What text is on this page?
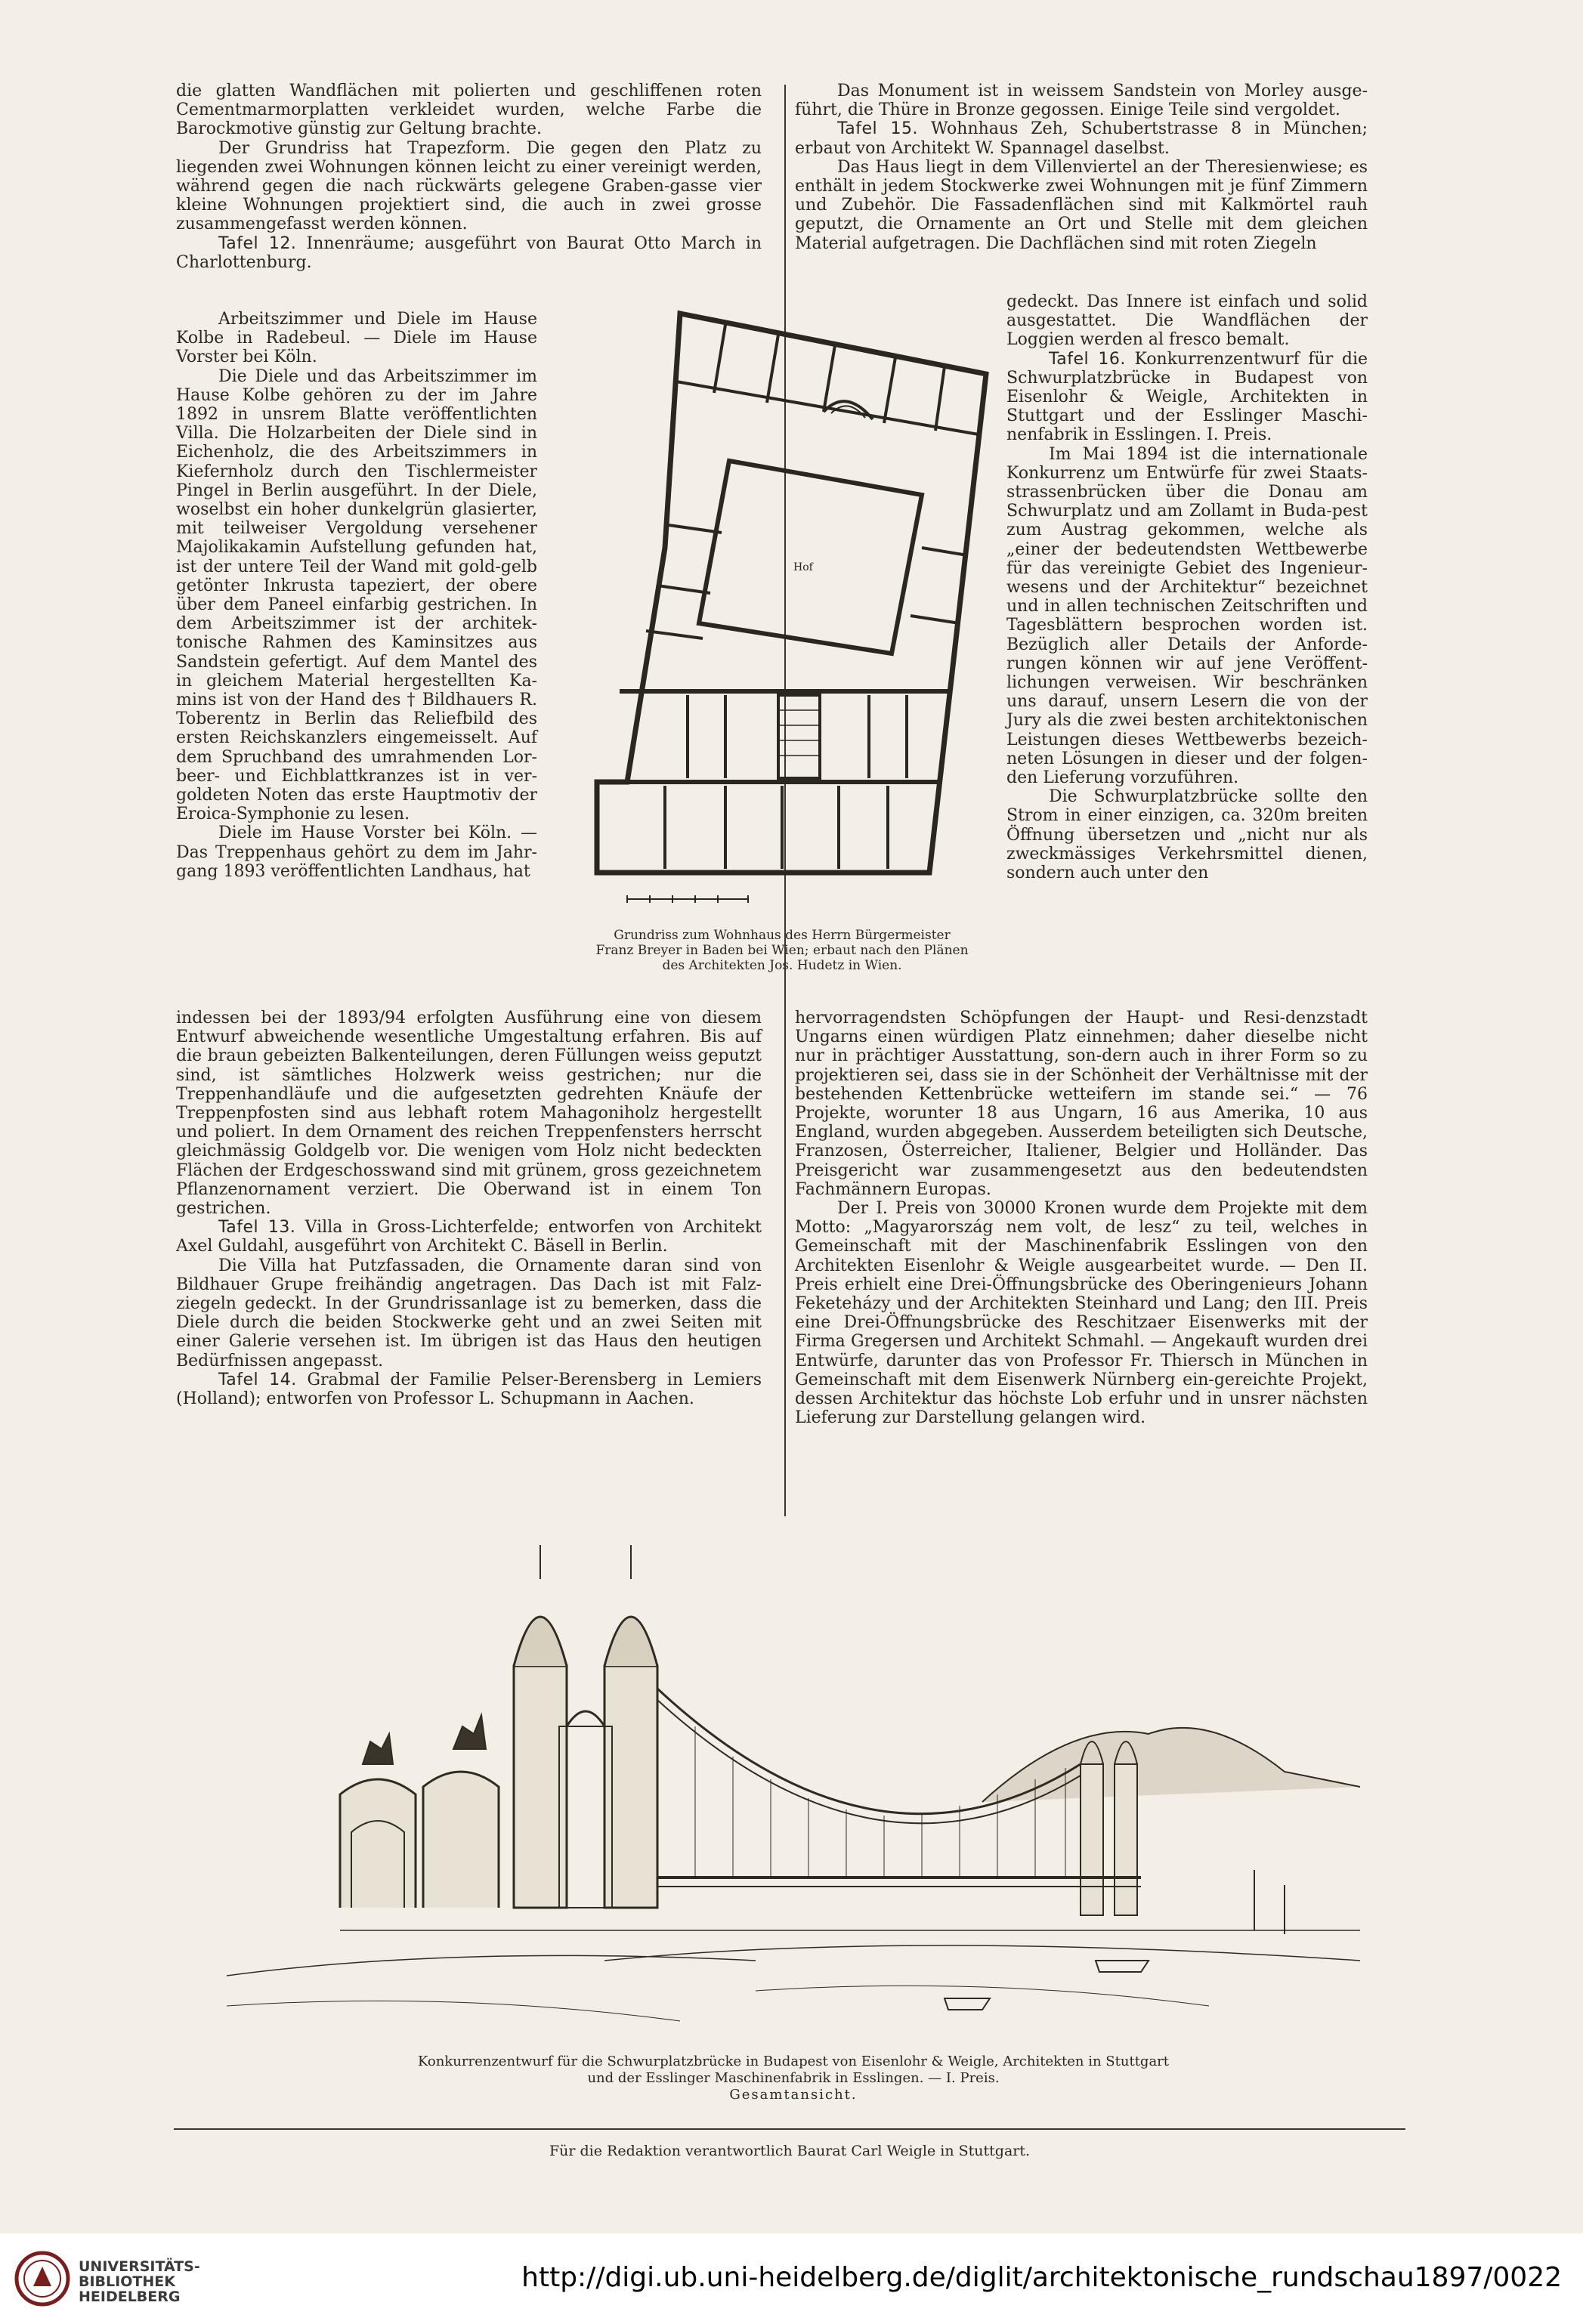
die glatten Wandflächen mit polierten und geschliffenen roten Cementmarmorplatten verkleidet wurden, welche Farbe die Barockmotive günstig zur Geltung brachte.

Der Grundriss hat Trapezform. Die gegen den Platz zu liegenden zwei Wohnungen können leicht zu einer vereinigt werden, während gegen die nach rückwärts gelegene Graben-gasse vier kleine Wohnungen projektiert sind, die auch in zwei grosse zusammengefasst werden können.

Tafel 12. Innenräume; ausgeführt von Baurat Otto March in Charlottenburg.

Arbeitszimmer und Diele im Hause Kolbe in Radebeul. — Diele im Hause Vorster bei Köln.

Die Diele und das Arbeitszimmer im Hause Kolbe gehören zu der im Jahre 1892 in unsrem Blatte veröffentlichten Villa. Die Holzarbeiten der Diele sind in Eichenholz, die des Arbeitszimmers in Kiefernholz durch den Tischlermeister Pingel in Berlin ausgeführt. In der Diele, woselbst ein hoher dunkelgrün glasierter, mit teilweiser Vergoldung versehener Majolikakamin Aufstellung gefunden hat, ist der untere Teil der Wand mit gold-gelb getönter Inkrusta tapeziert, der obere über dem Paneel einfarbig gestrichen. In dem Arbeitszimmer ist der architek-tonische Rahmen des Kaminsitzes aus Sandstein gefertigt. Auf dem Mantel des in gleichem Material hergestellten Ka-mins ist von der Hand des † Bildhauers R. Toberentz in Berlin das Reliefbild des ersten Reichskanzlers eingemeisselt. Auf dem Spruchband des umrahmenden Lor-beer- und Eichblattkranzes ist in ver-goldeten Noten das erste Hauptmotiv der Eroica-Symphonie zu lesen.

Diele im Hause Vorster bei Köln. — Das Treppenhaus gehört zu dem im Jahr-gang 1893 veröffentlichten Landhaus, hat

indessen bei der 1893/94 erfolgten Ausführung eine von diesem Entwurf abweichende wesentliche Umgestaltung erfahren. Bis auf die braun gebeizten Balkenteilungen, deren Füllungen weiss geputzt sind, ist sämtliches Holzwerk weiss gestrichen; nur die Treppenhandläufe und die aufgesetzten gedrehten Knäufe der Treppenpfosten sind aus lebhaft rotem Mahagoniholz hergestellt und poliert. In dem Ornament des reichen Treppenfensters herrscht gleichmässig Goldgelb vor. Die wenigen vom Holz nicht bedeckten Flächen der Erdgeschosswand sind mit grünem, gross gezeichnetem Pflanzenornament verziert. Die Oberwand ist in einem Ton gestrichen.

Tafel 13. Villa in Gross-Lichterfelde; entworfen von Architekt Axel Guldahl, ausgeführt von Architekt C. Bäsell in Berlin.

Die Villa hat Putzfassaden, die Ornamente daran sind von Bildhauer Grupe freihändig angetragen. Das Dach ist mit Falz-ziegeln gedeckt. In der Grundrissanlage ist zu bemerken, dass die Diele durch die beiden Stockwerke geht und an zwei Seiten mit einer Galerie versehen ist. Im übrigen ist das Haus den heutigen Bedürfnissen angepasst.

Tafel 14. Grabmal der Familie Pelser-Berensberg in Lemiers (Holland); entworfen von Professor L. Schupmann in Aachen.

Das Monument ist in weissem Sandstein von Morley ausge-führt, die Thüre in Bronze gegossen. Einige Teile sind vergoldet.

Tafel 15. Wohnhaus Zeh, Schubertstrasse 8 in München; erbaut von Architekt W. Spannagel daselbst.

Das Haus liegt in dem Villenviertel an der Theresienwiese; es enthält in jedem Stockwerke zwei Wohnungen mit je fünf Zimmern und Zubehör. Die Fassadenflächen sind mit Kalkmörtel rauh geputzt, die Ornamente an Ort und Stelle mit dem gleichen Material aufgetragen. Die Dachflächen sind mit roten Ziegeln

gedeckt. Das Innere ist einfach und solid ausgestattet. Die Wandflächen der Loggien werden al fresco bemalt.

Tafel 16. Konkurrenzentwurf für die Schwurplatzbrücke in Budapest von Eisenlohr & Weigle, Architekten in Stuttgart und der Esslinger Maschi-nenfabrik in Esslingen. I. Preis.

Im Mai 1894 ist die internationale Konkurrenz um Entwürfe für zwei Staats-strassenbrücken über die Donau am Schwurplatz und am Zollamt in Buda-pest zum Austrag gekommen, welche als „einer der bedeutendsten Wettbewerbe für das vereinigte Gebiet des Ingenieur-wesens und der Architektur“ bezeichnet und in allen technischen Zeitschriften und Tagesblättern besprochen worden ist. Bezüglich aller Details der Anforde-rungen können wir auf jene Veröffent-lichungen verweisen. Wir beschränken uns darauf, unsern Lesern die von der Jury als die zwei besten architektonischen Leistungen dieses Wettbewerbs bezeich-neten Lösungen in dieser und der folgen-den Lieferung vorzuführen.

Die Schwurplatzbrücke sollte den Strom in einer einzigen, ca. 320m breiten Öffnung übersetzen und „nicht nur als zweckmässiges Verkehrsmittel dienen, sondern auch unter den

hervorragendsten Schöpfungen der Haupt- und Resi-denzstadt Ungarns einen würdigen Platz einnehmen; daher dieselbe nicht nur in prächtiger Ausstattung, son-dern auch in ihrer Form so zu projektieren sei, dass sie in der Schönheit der Verhältnisse mit der bestehenden Kettenbrücke wetteifern im stande sei.“ — 76 Projekte, worunter 18 aus Ungarn, 16 aus Amerika, 10 aus England, wurden abgegeben. Ausserdem beteiligten sich Deutsche, Franzosen, Österreicher, Italiener, Belgier und Holländer. Das Preisgericht war zusammengesetzt aus den bedeutendsten Fachmännern Europas.

Der I. Preis von 30000 Kronen wurde dem Projekte mit dem Motto: „Magyarország nem volt, de lesz“ zu teil, welches in Gemeinschaft mit der Maschinenfabrik Esslingen von den Architekten Eisenlohr & Weigle ausgearbeitet wurde. — Den II. Preis erhielt eine Drei-Öffnungsbrücke des Oberingenieurs Johann Feketeházy und der Architekten Steinhard und Lang; den III. Preis eine Drei-Öffnungsbrücke des Reschitzaer Eisenwerks mit der Firma Gregersen und Architekt Schmahl. — Angekauft wurden drei Entwürfe, darunter das von Professor Fr. Thiersch in München in Gemeinschaft mit dem Eisenwerk Nürnberg ein-gereichte Projekt, dessen Architektur das höchste Lob erfuhr und in unsrer nächsten Lieferung zur Darstellung gelangen wird.

Hof
Grundriss zum Wohnhaus des Herrn Bürgermeister
Franz Breyer in Baden bei Wien; erbaut nach den Plänen
des Architekten Jos. Hudetz in Wien.
Konkurrenzentwurf für die Schwurplatzbrücke in Budapest von Eisenlohr & Weigle, Architekten in Stuttgart
und der Esslinger Maschinenfabrik in Esslingen. — I. Preis.
Gesamtansicht.
Für die Redaktion verantwortlich Baurat Carl Weigle in Stuttgart.
UNIVERSITÄTS-
BIBLIOTHEK
HEIDELBERG
http://digi.ub.uni-heidelberg.de/diglit/architektonische_rundschau1897/0022
